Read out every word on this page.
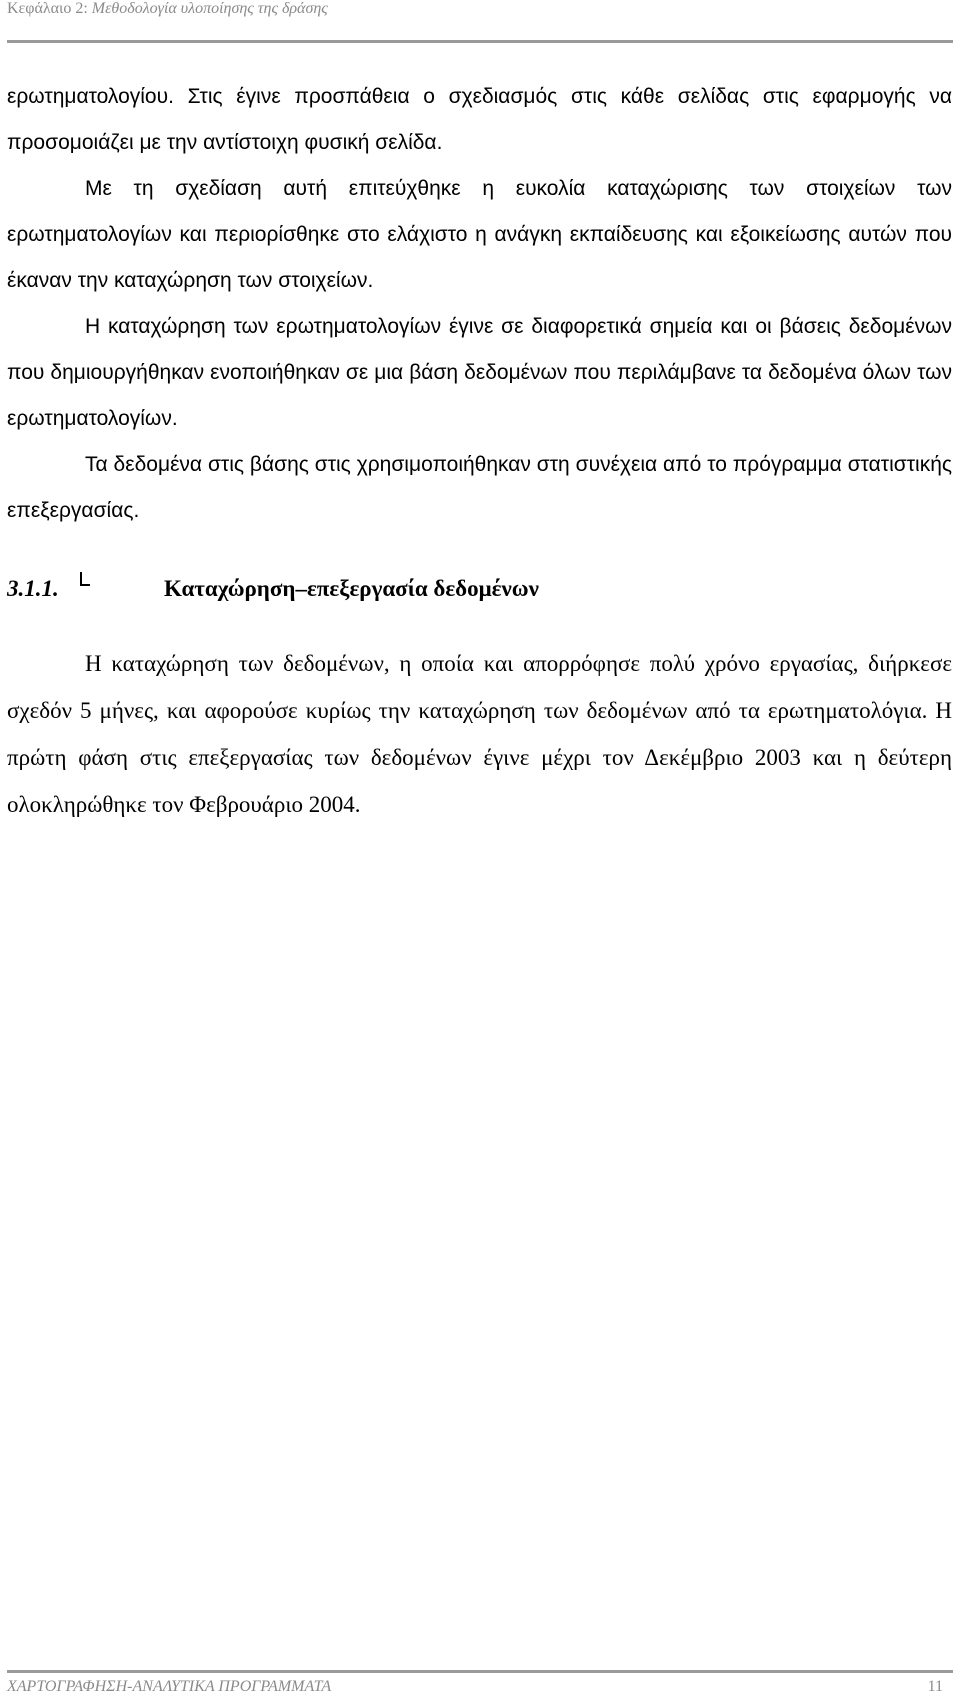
Κεφάλαιο 2: Μεθοδολογία υλοποίησης της δράσης

ερωτηματολογίου. Στις έγινε προσπάθεια ο σχεδιασμός στις κάθε σελίδας στις εφαρμογής να προσομοιάζει με την αντίστοιχη φυσική σελίδα.

Με τη σχεδίαση αυτή επιτεύχθηκε η ευκολία καταχώρισης των στοιχείων των ερωτηματολογίων και περιορίσθηκε στο ελάχιστο η ανάγκη εκπαίδευσης και εξοικείωσης αυτών που έκαναν την καταχώρηση των στοιχείων.

Η καταχώρηση των ερωτηματολογίων έγινε σε διαφορετικά σημεία και οι βάσεις δεδομένων που δημιουργήθηκαν ενοποιήθηκαν σε μια βάση δεδομένων που περιλάμβανε τα δεδομένα όλων των ερωτηματολογίων.

Τα δεδομένα στις βάσης στις χρησιμοποιήθηκαν στη συνέχεια από το πρόγραμμα στατιστικής επεξεργασίας.

3.1.1.	Καταχώρηση–επεξεργασία δεδομένων

Η καταχώρηση των δεδομένων, η οποία και απορρόφησε πολύ χρόνο εργασίας, διήρκεσε σχεδόν 5 μήνες, και αφορούσε κυρίως την καταχώρηση των δεδομένων από τα ερωτηματολόγια. Η πρώτη φάση στις επεξεργασίας των δεδομένων έγινε μέχρι τον Δεκέμβριο 2003 και η δεύτερη ολοκληρώθηκε τον Φεβρουάριο 2004.

ΧΑΡΤΟΓΡΑΦΗΣΗ-ΑΝΑΛΥΤΙΚΑ ΠΡΟΓΡΑΜΜΑΤΑ	11
